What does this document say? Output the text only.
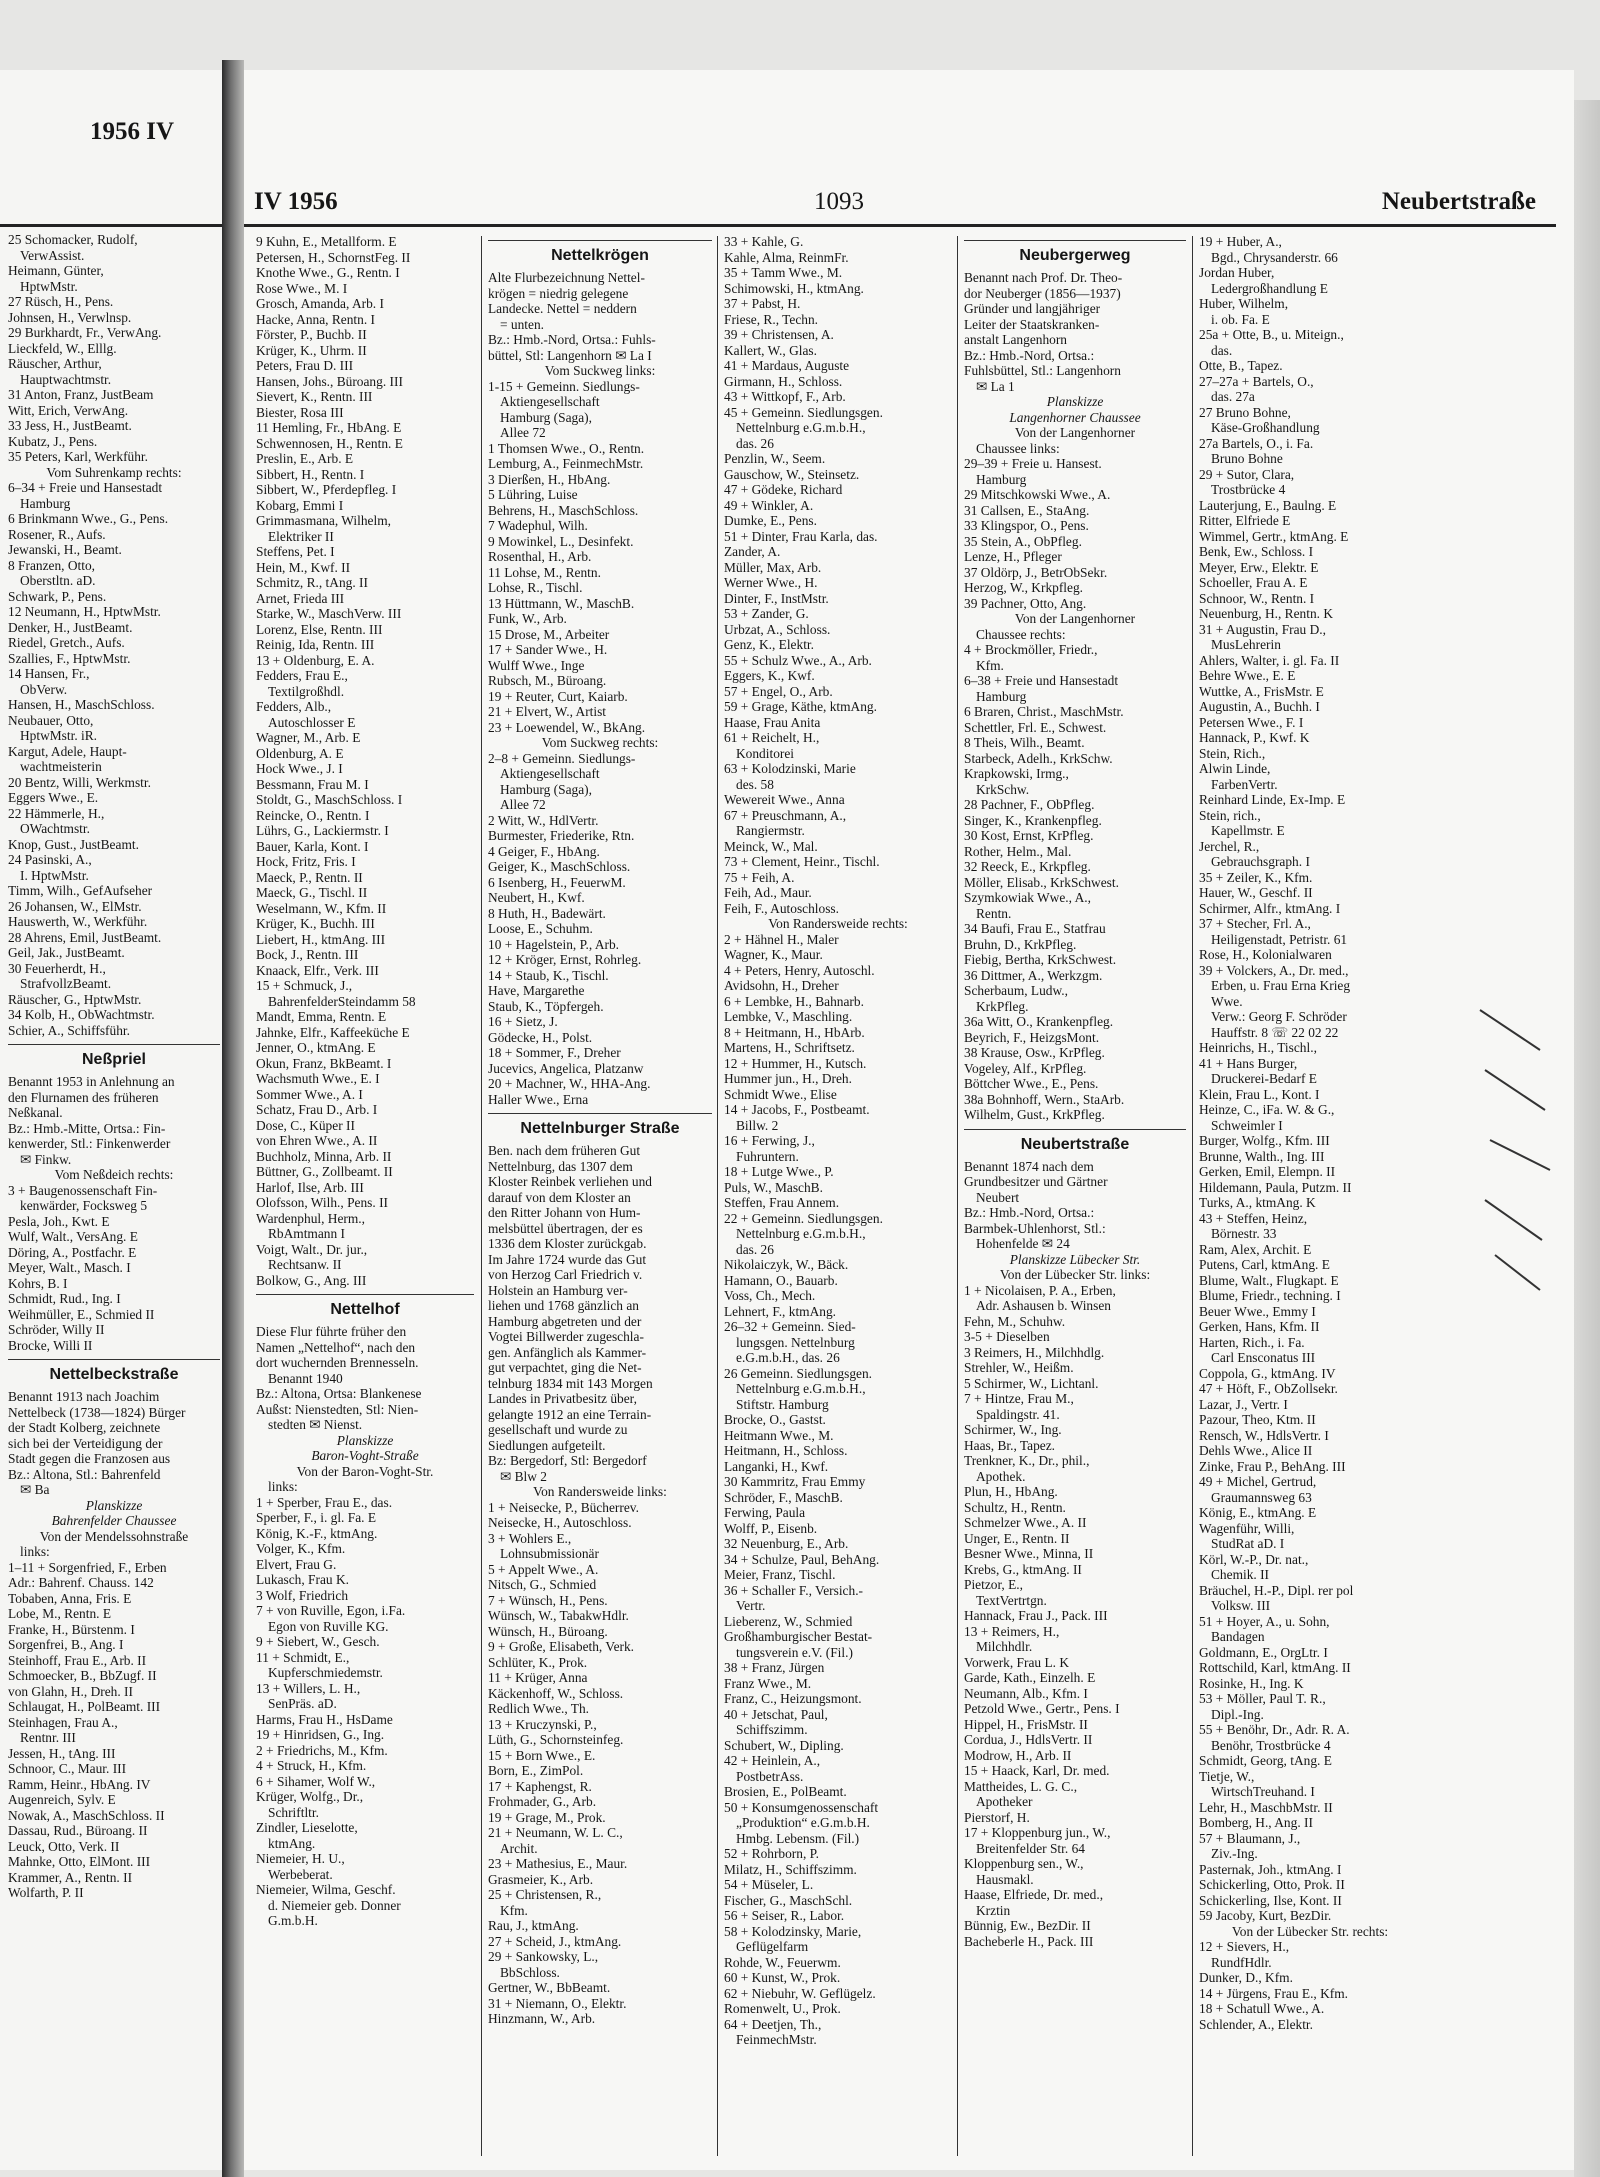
1956 IV
25 Schomacker, Rudolf,
VerwAssist.
Heimann, Günter,
HptwMstr.
27 Rüsch, H., Pens.
Johnsen, H., Verwlnsp.
29 Burkhardt, Fr., VerwAng.
Lieckfeld, W., Elllg.
Räuscher, Arthur,
Hauptwachtmstr.
31 Anton, Franz, JustBeam
Witt, Erich, VerwAng.
33 Jess, H., JustBeamt.
Kubatz, J., Pens.
35 Peters, Karl, Werkführ.
Vom Suhrenkamp rechts:
6–34 + Freie und Hansestadt
Hamburg
6 Brinkmann Wwe., G., Pens.
Rosener, R., Aufs.
Jewanski, H., Beamt.
8 Franzen, Otto,
Oberstltn. aD.
Schwark, P., Pens.
12 Neumann, H., HptwMstr.
Denker, H., JustBeamt.
Riedel, Gretch., Aufs.
Szallies, F., HptwMstr.
14 Hansen, Fr.,
ObVerw.
Hansen, H., MaschSchloss.
Neubauer, Otto,
HptwMstr. iR.
Kargut, Adele, Haupt-
wachtmeisterin
20 Bentz, Willi, Werkmstr.
Eggers Wwe., E.
22 Hämmerle, H.,
OWachtmstr.
Knop, Gust., JustBeamt.
24 Pasinski, A.,
I. HptwMstr.
Timm, Wilh., GefAufseher
26 Johansen, W., ElMstr.
Hauswerth, W., Werkführ.
28 Ahrens, Emil, JustBeamt.
Geil, Jak., JustBeamt.
30 Feuerherdt, H.,
StrafvollzBeamt.
Räuscher, G., HptwMstr.
34 Kolb, H., ObWachtmstr.
Schier, A., Schiffsführ.
Neßpriel
Benannt 1953 in Anlehnung an
den Flurnamen des früheren
Neßkanal.
Bz.: Hmb.-Mitte, Ortsa.: Fin-
kenwerder, Stl.: Finkenwerder
✉ Finkw.
Vom Neßdeich rechts:
3 + Baugenossenschaft Fin-
kenwärder, Focksweg 5
Pesla, Joh., Kwt. E
Wulf, Walt., VersAng. E
Döring, A., Postfachr. E
Meyer, Walt., Masch. I
Kohrs, B. I
Schmidt, Rud., Ing. I
Weihmüller, E., Schmied II
Schröder, Willy II
Brocke, Willi II
Nettelbeckstraße
Benannt 1913 nach Joachim
Nettelbeck (1738—1824) Bürger
der Stadt Kolberg, zeichnete
sich bei der Verteidigung der
Stadt gegen die Franzosen aus
Bz.: Altona, Stl.: Bahrenfeld
✉ Ba
Planskizze
Bahrenfelder Chaussee
Von der Mendelssohnstraße
links:
1–11 + Sorgenfried, F., Erben
Adr.: Bahrenf. Chauss. 142
Tobaben, Anna, Fris. E
Lobe, M., Rentn. E
Franke, H., Bürstenm. I
Sorgenfrei, B., Ang. I
Steinhoff, Frau E., Arb. II
Schmoecker, B., BbZugf. II
von Glahn, H., Dreh. II
Schlaugat, H., PolBeamt. III
Steinhagen, Frau A.,
Rentnr. III
Jessen, H., tAng. III
Schnoor, C., Maur. III
Ramm, Heinr., HbAng. IV
Augenreich, Sylv. E
Nowak, A., MaschSchloss. II
Dassau, Rud., Büroang. II
Leuck, Otto, Verk. II
Mahnke, Otto, ElMont. III
Krammer, A., Rentn. II
Wolfarth, P. II
IV 1956	1093	Neubertstraße
9 Kuhn, E., Metallform. E
Petersen, H., SchornstFeg. II
Knothe Wwe., G., Rentn. I
Rose Wwe., M. I
Grosch, Amanda, Arb. I
Hacke, Anna, Rentn. I
Förster, P., Buchb. II
Krüger, K., Uhrm. II
Peters, Frau D. III
Hansen, Johs., Büroang. III
Sievert, K., Rentn. III
Biester, Rosa III
11 Hemling, Fr., HbAng. E
Schwennosen, H., Rentn. E
Preslin, E., Arb. E
Sibbert, H., Rentn. I
Sibbert, W., Pferdepfleg. I
Kobarg, Emmi I
Grimmasmana, Wilhelm,
Elektriker II
Steffens, Pet. I
Hein, M., Kwf. II
Schmitz, R., tAng. II
Arnet, Frieda III
Starke, W., MaschVerw. III
Lorenz, Else, Rentn. III
Reinig, Ida, Rentn. III
13 + Oldenburg, E. A.
Fedders, Frau E.,
Textilgroßhdl.
Fedders, Alb.,
Autoschlosser E
Wagner, M., Arb. E
Oldenburg, A. E
Hock Wwe., J. I
Bessmann, Frau M. I
Stoldt, G., MaschSchloss. I
Reincke, O., Rentn. I
Lührs, G., Lackiermstr. I
Bauer, Karla, Kont. I
Hock, Fritz, Fris. I
Maeck, P., Rentn. II
Maeck, G., Tischl. II
Weselmann, W., Kfm. II
Krüger, K., Buchh. III
Liebert, H., ktmAng. III
Bock, J., Rentn. III
Knaack, Elfr., Verk. III
15 + Schmuck, J.,
BahrenfelderSteindamm 58
Mandt, Emma, Rentn. E
Jahnke, Elfr., Kaffeeküche E
Jenner, O., ktmAng. E
Okun, Franz, BkBeamt. I
Wachsmuth Wwe., E. I
Sommer Wwe., A. I
Schatz, Frau D., Arb. I
Dose, C., Küper II
von Ehren Wwe., A. II
Buchholz, Minna, Arb. II
Büttner, G., Zollbeamt. II
Harlof, Ilse, Arb. III
Olofsson, Wilh., Pens. II
Wardenphul, Herm.,
RbAmtmann I
Voigt, Walt., Dr. jur.,
Rechtsanw. II
Bolkow, G., Ang. III
Nettelhof
Diese Flur führte früher den
Namen „Nettelhof“, nach den
dort wuchernden Brennesseln.
Benannt 1940
Bz.: Altona, Ortsa: Blankenese
Außst: Nienstedten, Stl: Nien-
stedten ✉ Nienst.
Planskizze
Baron-Voght-Straße
Von der Baron-Voght-Str.
links:
1 + Sperber, Frau E., das.
Sperber, F., i. gl. Fa. E
König, K.-F., ktmAng.
Volger, K., Kfm.
Elvert, Frau G.
Lukasch, Frau K.
3 Wolf, Friedrich
7 + von Ruville, Egon, i.Fa.
Egon von Ruville KG.
9 + Siebert, W., Gesch.
11 + Schmidt, E.,
Kupferschmiedemstr.
13 + Willers, L. H.,
SenPräs. aD.
Harms, Frau H., HsDame
19 + Hinridsen, G., Ing.
2 + Friedrichs, M., Kfm.
4 + Struck, H., Kfm.
6 + Sihamer, Wolf W.,
Krüger, Wolfg., Dr.,
Schriftltr.
Zindler, Lieselotte,
ktmAng.
Niemeier, H. U.,
Werbeberat.
Niemeier, Wilma, Geschf.
d. Niemeier geb. Donner
G.m.b.H.
Nettelkrögen
Alte Flurbezeichnung Nettel-
krögen = niedrig gelegene
Landecke. Nettel = neddern
= unten.
Bz.: Hmb.-Nord, Ortsa.: Fuhls-
büttel, Stl: Langenhorn ✉ La I
Vom Suckweg links:
1-15 + Gemeinn. Siedlungs-
Aktiengesellschaft
Hamburg (Saga),
Allee 72
1 Thomsen Wwe., O., Rentn.
Lemburg, A., FeinmechMstr.
3 Dierßen, H., HbAng.
5 Lühring, Luise
Behrens, H., MaschSchloss.
7 Wadephul, Wilh.
9 Mowinkel, L., Desinfekt.
Rosenthal, H., Arb.
11 Lohse, M., Rentn.
Lohse, R., Tischl.
13 Hüttmann, W., MaschB.
Funk, W., Arb.
15 Drose, M., Arbeiter
17 + Sander Wwe., H.
Wulff Wwe., Inge
Rubsch, M., Büroang.
19 + Reuter, Curt, Kaiarb.
21 + Elvert, W., Artist
23 + Loewendel, W., BkAng.
Vom Suckweg rechts:
2–8 + Gemeinn. Siedlungs-
Aktiengesellschaft
Hamburg (Saga),
Allee 72
2 Witt, W., HdlVertr.
Burmester, Friederike, Rtn.
4 Geiger, F., HbAng.
Geiger, K., MaschSchloss.
6 Isenberg, H., FeuerwM.
Neubert, H., Kwf.
8 Huth, H., Badewärt.
Loose, E., Schuhm.
10 + Hagelstein, P., Arb.
12 + Kröger, Ernst, Rohrleg.
14 + Staub, K., Tischl.
Have, Margarethe
Staub, K., Töpfergeh.
16 + Sietz, J.
Gödecke, H., Polst.
18 + Sommer, F., Dreher
Jucevics, Angelica, Platzanw
20 + Machner, W., HHA-Ang.
Haller Wwe., Erna
Nettelnburger Straße
Ben. nach dem früheren Gut
Nettelnburg, das 1307 dem
Kloster Reinbek verliehen und
darauf von dem Kloster an
den Ritter Johann von Hum-
melsbüttel übertragen, der es
1336 dem Kloster zurückgab.
Im Jahre 1724 wurde das Gut
von Herzog Carl Friedrich v.
Holstein an Hamburg ver-
liehen und 1768 gänzlich an
Hamburg abgetreten und der
Vogtei Billwerder zugeschla-
gen. Anfänglich als Kammer-
gut verpachtet, ging die Net-
telnburg 1834 mit 143 Morgen
Landes in Privatbesitz über,
gelangte 1912 an eine Terrain-
gesellschaft und wurde zu
Siedlungen aufgeteilt.
Bz: Bergedorf, Stl: Bergedorf
✉ Blw 2
Von Randersweide links:
1 + Neisecke, P., Bücherrev.
Neisecke, H., Autoschloss.
3 + Wohlers E.,
Lohnsubmissionär
5 + Appelt Wwe., A.
Nitsch, G., Schmied
7 + Wünsch, H., Pens.
Wünsch, W., TabakwHdlr.
Wünsch, H., Büroang.
9 + Große, Elisabeth, Verk.
Schlüter, K., Prok.
11 + Krüger, Anna
Käckenhoff, W., Schloss.
Redlich Wwe., Th.
13 + Kruczynski, P.,
Lüth, G., Schornsteinfeg.
15 + Born Wwe., E.
Born, E., ZimPol.
17 + Kaphengst, R.
Frohmader, G., Arb.
19 + Grage, M., Prok.
21 + Neumann, W. L. C.,
Archit.
23 + Mathesius, E., Maur.
Grasmeier, K., Arb.
25 + Christensen, R.,
Kfm.
Rau, J., ktmAng.
27 + Scheid, J., ktmAng.
29 + Sankowsky, L.,
BbSchloss.
Gertner, W., BbBeamt.
31 + Niemann, O., Elektr.
Hinzmann, W., Arb.
33 + Kahle, G.
Kahle, Alma, ReinmFr.
35 + Tamm Wwe., M.
Schimowski, H., ktmAng.
37 + Pabst, H.
Friese, R., Techn.
39 + Christensen, A.
Kallert, W., Glas.
41 + Mardaus, Auguste
Girmann, H., Schloss.
43 + Wittkopf, F., Arb.
45 + Gemeinn. Siedlungsgen.
Nettelnburg e.G.m.b.H.,
das. 26
Penzlin, W., Seem.
Gauschow, W., Steinsetz.
47 + Gödeke, Richard
49 + Winkler, A.
Dumke, E., Pens.
51 + Dinter, Frau Karla, das.
Zander, A.
Müller, Max, Arb.
Werner Wwe., H.
Dinter, F., InstMstr.
53 + Zander, G.
Urbzat, A., Schloss.
Genz, K., Elektr.
55 + Schulz Wwe., A., Arb.
Eggers, K., Kwf.
57 + Engel, O., Arb.
59 + Grage, Käthe, ktmAng.
Haase, Frau Anita
61 + Reichelt, H.,
Konditorei
63 + Kolodzinski, Marie
des. 58
Wewereit Wwe., Anna
67 + Preuschmann, A.,
Rangiermstr.
Meinck, W., Mal.
73 + Clement, Heinr., Tischl.
75 + Feih, A.
Feih, Ad., Maur.
Feih, F., Autoschloss.
Von Randersweide rechts:
2 + Hähnel H., Maler
Wagner, K., Maur.
4 + Peters, Henry, Autoschl.
Avidsohn, H., Dreher
6 + Lembke, H., Bahnarb.
Lembke, V., Maschling.
8 + Heitmann, H., HbArb.
Martens, H., Schriftsetz.
12 + Hummer, H., Kutsch.
Hummer jun., H., Dreh.
Schmidt Wwe., Elise
14 + Jacobs, F., Postbeamt.
Billw. 2
16 + Ferwing, J.,
Fuhruntern.
18 + Lutge Wwe., P.
Puls, W., MaschB.
Steffen, Frau Annem.
22 + Gemeinn. Siedlungsgen.
Nettelnburg e.G.m.b.H.,
das. 26
Nikolaiczyk, W., Bäck.
Hamann, O., Bauarb.
Voss, Ch., Mech.
Lehnert, F., ktmAng.
26–32 + Gemeinn. Sied-
lungsgen. Nettelnburg
e.G.m.b.H., das. 26
26 Gemeinn. Siedlungsgen.
Nettelnburg e.G.m.b.H.,
Stiftstr. Hamburg
Brocke, O., Gastst.
Heitmann Wwe., M.
Heitmann, H., Schloss.
Langanki, H., Kwf.
30 Kammritz, Frau Emmy
Schröder, F., MaschB.
Ferwing, Paula
Wolff, P., Eisenb.
32 Neuenburg, E., Arb.
34 + Schulze, Paul, BehAng.
Meier, Franz, Tischl.
36 + Schaller F., Versich.-
Vertr.
Lieberenz, W., Schmied
Großhamburgischer Bestat-
tungsverein e.V. (Fil.)
38 + Franz, Jürgen
Franz Wwe., M.
Franz, C., Heizungsmont.
40 + Jetschat, Paul,
Schiffszimm.
Schubert, W., Dipling.
42 + Heinlein, A.,
PostbetrAss.
Brosien, E., PolBeamt.
50 + Konsumgenossenschaft
„Produktion“ e.G.m.b.H.
Hmbg. Lebensm. (Fil.)
52 + Rohrborn, P.
Milatz, H., Schiffszimm.
54 + Müseler, L.
Fischer, G., MaschSchl.
56 + Seiser, R., Labor.
58 + Kolodzinsky, Marie,
Geflügelfarm
Rohde, W., Feuerwm.
60 + Kunst, W., Prok.
62 + Niebuhr, W. Geflügelz.
Romenwelt, U., Prok.
64 + Deetjen, Th.,
FeinmechMstr.
Neubergerweg
Benannt nach Prof. Dr. Theo-
dor Neuberger (1856—1937)
Gründer und langjähriger
Leiter der Staatskranken-
anstalt Langenhorn
Bz.: Hmb.-Nord, Ortsa.:
Fuhlsbüttel, Stl.: Langenhorn
✉ La 1
Planskizze
Langenhorner Chaussee
Von der Langenhorner
Chaussee links:
29–39 + Freie u. Hansest.
Hamburg
29 Mitschkowski Wwe., A.
31 Callsen, E., StaAng.
33 Klingspor, O., Pens.
35 Stein, A., ObPfleg.
Lenze, H., Pfleger
37 Oldörp, J., BetrObSekr.
Herzog, W., Krkpfleg.
39 Pachner, Otto, Ang.
Von der Langenhorner
Chaussee rechts:
4 + Brockmöller, Friedr.,
Kfm.
6–38 + Freie und Hansestadt
Hamburg
6 Braren, Christ., MaschMstr.
Schettler, Frl. E., Schwest.
8 Theis, Wilh., Beamt.
Starbeck, Adelh., KrkSchw.
Krapkowski, Irmg.,
KrkSchw.
28 Pachner, F., ObPfleg.
Singer, K., Krankenpfleg.
30 Kost, Ernst, KrPfleg.
Rother, Helm., Mal.
32 Reeck, E., Krkpfleg.
Möller, Elisab., KrkSchwest.
Szymkowiak Wwe., A.,
Rentn.
34 Baufi, Frau E., Statfrau
Bruhn, D., KrkPfleg.
Fiebig, Bertha, KrkSchwest.
36 Dittmer, A., Werkzgm.
Scherbaum, Ludw.,
KrkPfleg.
36a Witt, O., Krankenpfleg.
Beyrich, F., HeizgsMont.
38 Krause, Osw., KrPfleg.
Vogeley, Alf., KrPfleg.
Böttcher Wwe., E., Pens.
38a Bohnhoff, Wern., StaArb.
Wilhelm, Gust., KrkPfleg.
Neubertstraße
Benannt 1874 nach dem
Grundbesitzer und Gärtner
Neubert
Bz.: Hmb.-Nord, Ortsa.:
Barmbek-Uhlenhorst, Stl.:
Hohenfelde ✉ 24
Planskizze Lübecker Str.
Von der Lübecker Str. links:
1 + Nicolaisen, P. A., Erben,
Adr. Ashausen b. Winsen
Fehn, M., Schuhw.
3-5 + Dieselben
3 Reimers, H., Milchhdlg.
Strehler, W., Heißm.
5 Schirmer, W., Lichtanl.
7 + Hintze, Frau M.,
Spaldingstr. 41.
Schirmer, W., Ing.
Haas, Br., Tapez.
Trenkner, K., Dr., phil.,
Apothek.
Plun, H., HbAng.
Schultz, H., Rentn.
Schmelzer Wwe., A. II
Unger, E., Rentn. II
Besner Wwe., Minna, II
Krebs, G., ktmAng. II
Pietzor, E.,
TextVertrtgn.
Hannack, Frau J., Pack. III
13 + Reimers, H.,
Milchhdlr.
Vorwerk, Frau L. K
Garde, Kath., Einzelh. E
Neumann, Alb., Kfm. I
Petzold Wwe., Gertr., Pens. I
Hippel, H., FrisMstr. II
Cordua, J., HdlsVertr. II
Modrow, H., Arb. II
15 + Haack, Karl, Dr. med.
Mattheides, L. G. C.,
Apotheker
Pierstorf, H.
17 + Kloppenburg jun., W.,
Breitenfelder Str. 64
Kloppenburg sen., W.,
Hausmakl.
Haase, Elfriede, Dr. med.,
Krztin
Bünnig, Ew., BezDir. II
Bacheberle H., Pack. III
19 + Huber, A.,
Bgd., Chrysanderstr. 66
Jordan Huber,
Ledergroßhandlung E
Huber, Wilhelm,
i. ob. Fa. E
25a + Otte, B., u. Miteign.,
das.
Otte, B., Tapez.
27–27a + Bartels, O.,
das. 27a
27 Bruno Bohne,
Käse-Großhandlung
27a Bartels, O., i. Fa.
Bruno Bohne
29 + Sutor, Clara,
Trostbrücke 4
Lauterjung, E., Baulng. E
Ritter, Elfriede E
Wimmel, Gertr., ktmAng. E
Benk, Ew., Schloss. I
Meyer, Erw., Elektr. E
Schoeller, Frau A. E
Schnoor, W., Rentn. I
Neuenburg, H., Rentn. K
31 + Augustin, Frau D.,
MusLehrerin
Ahlers, Walter, i. gl. Fa. II
Behre Wwe., E. E
Wuttke, A., FrisMstr. E
Augustin, A., Buchh. I
Petersen Wwe., F. I
Hannack, P., Kwf. K
Stein, Rich.,
Alwin Linde,
FarbenVertr.
Reinhard Linde, Ex-Imp. E
Stein, rich.,
Kapellmstr. E
Jerchel, R.,
Gebrauchsgraph. I
35 + Zeiler, K., Kfm.
Hauer, W., Geschf. II
Schirmer, Alfr., ktmAng. I
37 + Stecher, Frl. A.,
Heiligenstadt, Petristr. 61
Rose, H., Kolonialwaren
39 + Volckers, A., Dr. med.,
Erben, u. Frau Erna Krieg
Wwe.
Verw.: Georg F. Schröder
Hauffstr. 8 ☏ 22 02 22
Heinrichs, H., Tischl.,
41 + Hans Burger,
Druckerei-Bedarf E
Klein, Frau L., Kont. I
Heinze, C., iFa. W. & G.,
Schweimler I
Burger, Wolfg., Kfm. III
Brunne, Walth., Ing. III
Gerken, Emil, Elempn. II
Hildemann, Paula, Putzm. II
Turks, A., ktmAng. K
43 + Steffen, Heinz,
Börnestr. 33
Ram, Alex, Archit. E
Putens, Carl, ktmAng. E
Blume, Walt., Flugkapt. E
Blume, Friedr., techning. I
Beuer Wwe., Emmy I
Gerken, Hans, Kfm. II
Harten, Rich., i. Fa.
Carl Ensconatus III
Coppola, G., ktmAng. IV
47 + Höft, F., ObZollsekr.
Lazar, J., Vertr. I
Pazour, Theo, Ktm. II
Rensch, W., HdlsVertr. I
Dehls Wwe., Alice II
Zinke, Frau P., BehAng. III
49 + Michel, Gertrud,
Graumannsweg 63
König, E., ktmAng. E
Wagenführ, Willi,
StudRat aD. I
Körl, W.-P., Dr. nat.,
Chemik. II
Bräuchel, H.-P., Dipl. rer pol
Volksw. III
51 + Hoyer, A., u. Sohn,
Bandagen
Goldmann, E., OrgLtr. I
Rottschild, Karl, ktmAng. II
Rosinke, H., Ing. K
53 + Möller, Paul T. R.,
Dipl.-Ing.
55 + Benöhr, Dr., Adr. R. A.
Benöhr, Trostbrücke 4
Schmidt, Georg, tAng. E
Tietje, W.,
WirtschTreuhand. I
Lehr, H., MaschbMstr. II
Bomberg, H., Ang. II
57 + Blaumann, J.,
Ziv.-Ing.
Pasternak, Joh., ktmAng. I
Schickerling, Otto, Prok. II
Schickerling, Ilse, Kont. II
59 Jacoby, Kurt, BezDir.
Von der Lübecker Str. rechts:
12 + Sievers, H.,
RundfHdlr.
Dunker, D., Kfm.
14 + Jürgens, Frau E., Kfm.
18 + Schatull Wwe., A.
Schlender, A., Elektr.
